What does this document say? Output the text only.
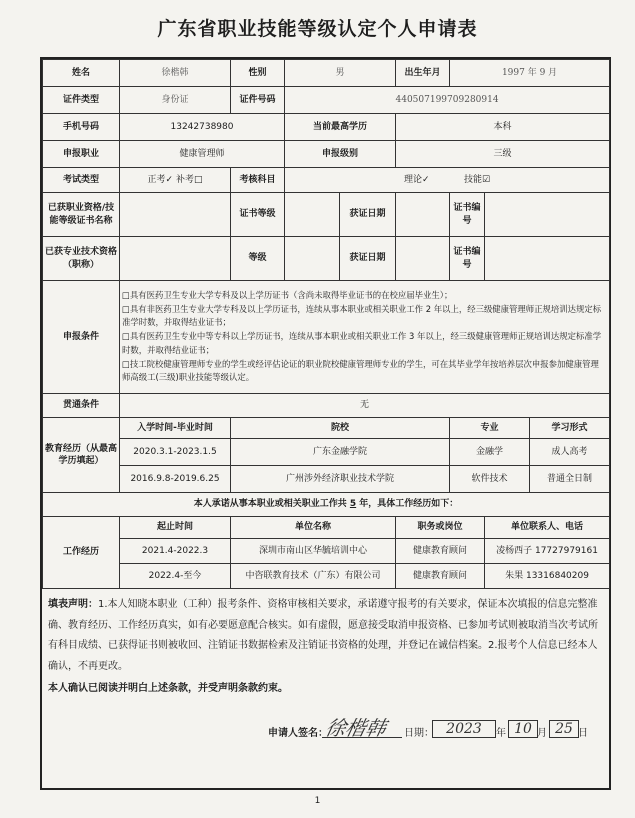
广东省职业技能等级认定个人申请表
姓名	徐楷韩	性别	男		出生年月	1997 年 9 月		
证件类型	身份证	证件号码	440507199709280914					
手机号码	13242738980		当前最高学历		本科			
申报职业	健康管理师		申报级别		三级			
考试类型	正考✓ 补考□	考核科目	理论✓ 技能☑					
已获职业资格/技能等级证书名称		证书等级		获证日期		证书编号		
已获专业技术资格（职称）		等级		获证日期		证书编号		
申报条件	□具有医药卫生专业大学专科及以上学历证书（含尚未取得毕业证书的在校应届毕业生）；

□具有非医药卫生专业大学专科及以上学历证书，连续从事本职业或相关职业工作 2 年以上，经三级健康管理师正规培训达规定标准学时数，并取得结业证书；

□具有医药卫生专业中等专科以上学历证书，连续从事本职业或相关职业工作 3 年以上，经三级健康管理师正规培训达规定标准学时数，并取得结业证书；

□技工院校健康管理师专业的学生或经评估论证的职业院校健康管理师专业的学生，可在其毕业学年按培养层次申报参加健康管理师高级工(三级)职业技能等级认定。							

贯通条件	无							
教育经历（从最高学历填起）	入学时间-毕业时间	院校				专业		学习形式
	2020.3.1-2023.1.5	广东金融学院				金融学		成人高考
	2016.9.8-2019.6.25	广州涉外经济职业技术学院				软件技术		普通全日制
本人承诺从事本职业或相关职业工作共 5 年，具体工作经历如下：								
工作经历	起止时间	单位名称			职务或岗位		单位联系人、电话	
	2021.4-2022.3	深圳市南山区华毓培训中心			健康教育顾问		凌杨西子 17727979161	
	2022.4-至今	中咨联教育技术（广东）有限公司			健康教育顾问		朱果 13316840209	
填表声明：1.本人知晓本职业（工种）报考条件、资格审核相关要求，承诺遵守报考的有关要求，保证本次填报的信息完整准确、教育经历、工作经历真实，如有必要愿意配合核实。如有虚假，愿意接受取消申报资格、已参加考试则被取消当次考试所有科目成绩、已获得证书则被收回、注销证书数据检索及注销证书资格的处理，并登记在诚信档案。2.报考个人信息已经本人确认，不再更改。
本人确认已阅读并明白上述条款，并受声明条款约束。
申请人签名：
徐楷韩 日期： 2023	年 10 月 25 日
1
